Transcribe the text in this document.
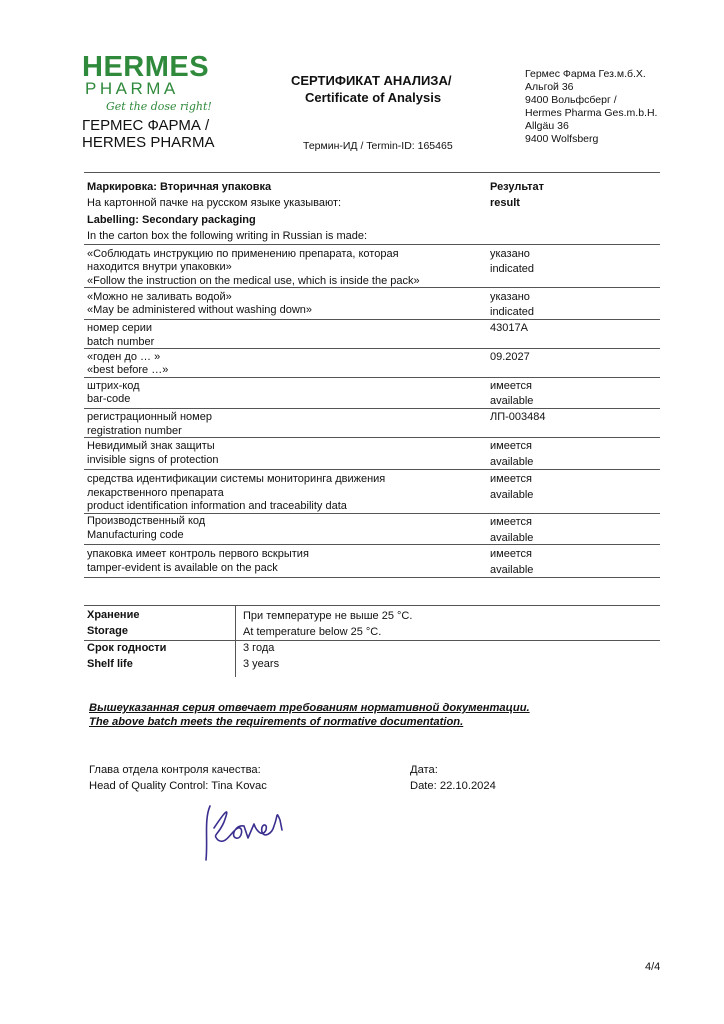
HERMES
PHARMA
Get the dose right!
ГЕРМЕС ФАРМА /
HERMES PHARMA
СЕРТИФИКАТ АНАЛИЗА/
Certificate of Analysis
Термин-ИД / Termin-ID: 165465
Гермес Фарма Гез.м.б.Х.
Альгой 36
9400 Вольфсберг /
Hermes Pharma Ges.m.b.H.
Allgäu 36
9400 Wolfsberg
Маркировка: Вторичная упаковка
На картонной пачке на русском языке указывают:
Labelling: Secondary packaging
In the carton box the following writing in Russian is made:
Результат
result
«Соблюдать инструкцию по применению препарата, которая
находится внутри упаковки»
«Follow the instruction on the medical use, which is inside the pack»
указано
indicated
«Можно не заливать водой»
«May be administered without washing down»
указано
indicated
номер серии
batch number
43017A
«годен до … »
«best before …»
09.2027
штрих-код
bar-code
имеется
available
регистрационный номер
registration number
ЛП-003484
Невидимый знак защиты
invisible signs of protection
имеется
available
средства идентификации системы мониторинга движения
лекарственного препарата
product identification information and traceability data
имеется
available
Производственный код
Manufacturing code
имеется
available
упаковка имеет контроль первого вскрытия
tamper-evident is available on the pack
имеется
available
Хранение
Storage
При температуре не выше 25 °C.
At temperature below 25 °C.
Срок годности
Shelf life
3 года
3 years
Вышеуказанная серия отвечает требованиям нормативной документации.
The above batch meets the requirements of normative documentation.
Глава отдела контроля качества:
Head of Quality Control: Tina Kovac
Дата:
Date: 22.10.2024
4/4
